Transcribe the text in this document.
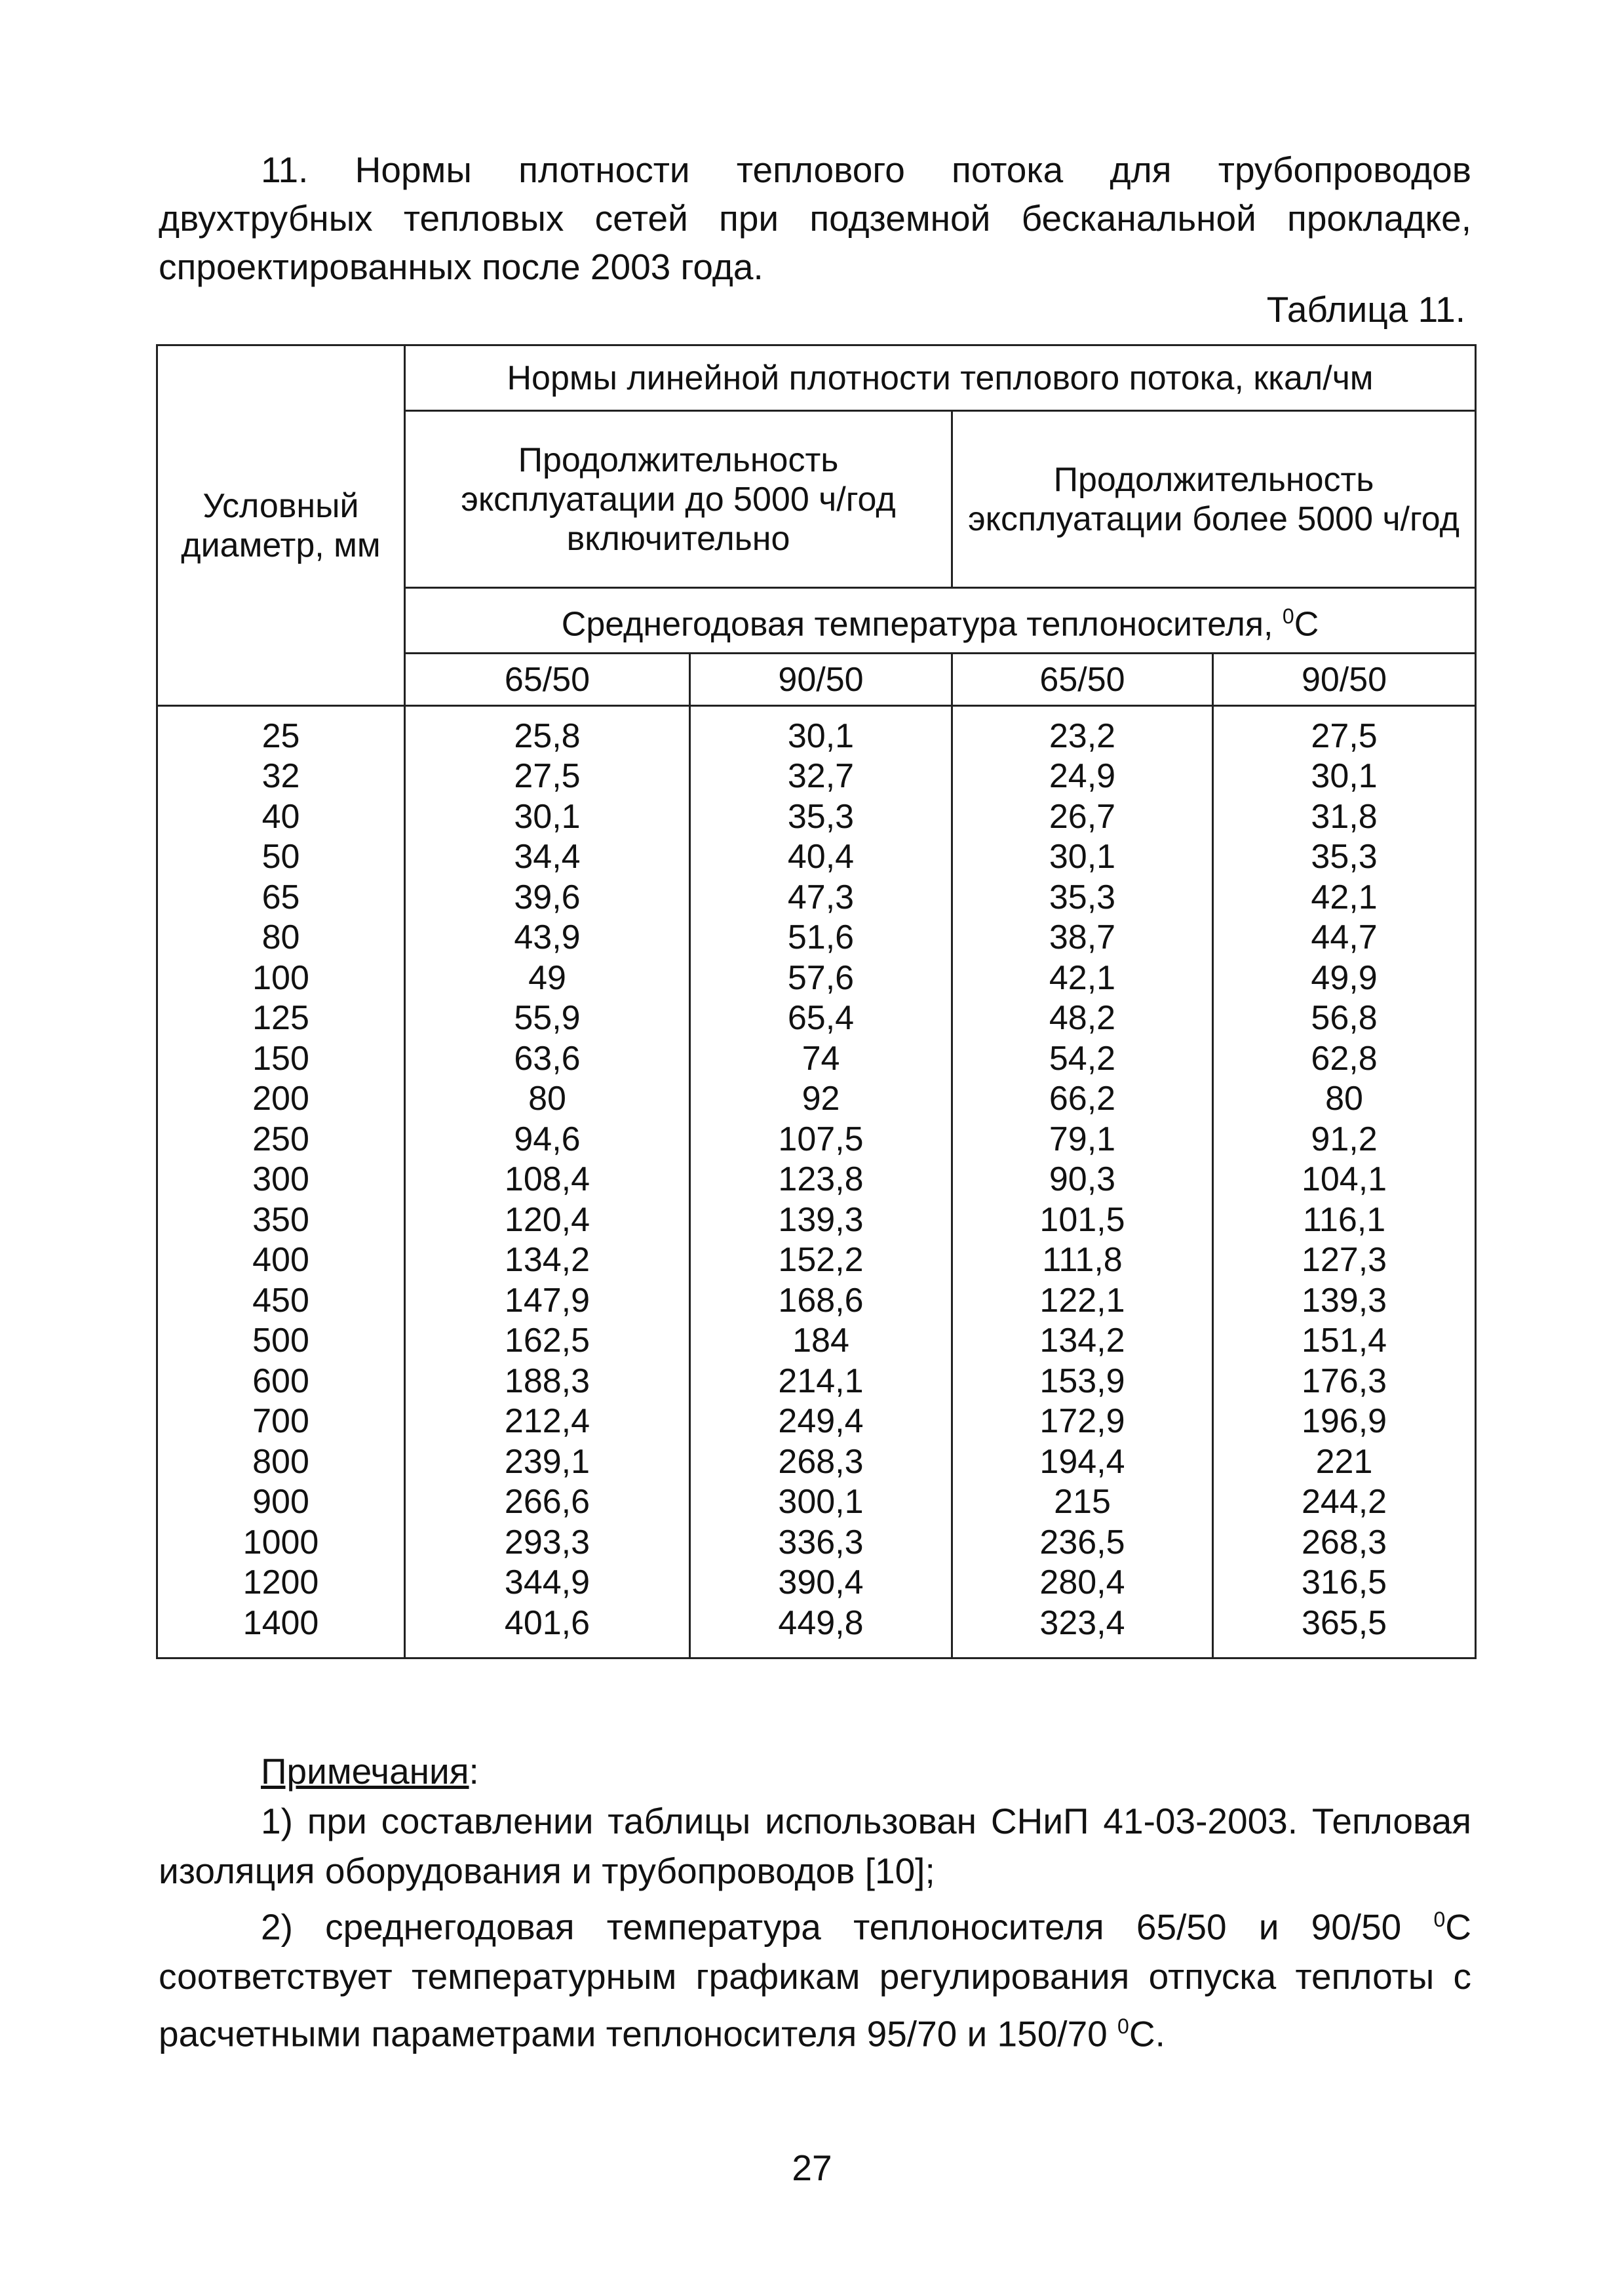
11. Нормы плотности теплового потока для трубопроводов двухтрубных тепловых сетей при подземной бесканальной прокладке, спроектированных после 2003 года.

Таблица 11.

Условный диаметр, мм	Нормы линейной плотности теплового потока, ккал/чм			
	Продолжительность эксплуатации до 5000 ч/год включительно		Продолжительность эксплуатации более 5000 ч/год	
	Среднегодовая температура теплоносителя, $^0$С			
	65/50	90/50	65/50	90/50
25	25,8	30,1	23,2	27,5
32	27,5	32,7	24,9	30,1
40	30,1	35,3	26,7	31,8
50	34,4	40,4	30,1	35,3
65	39,6	47,3	35,3	42,1
80	43,9	51,6	38,7	44,7
100	49	57,6	42,1	49,9
125	55,9	65,4	48,2	56,8
150	63,6	74	54,2	62,8
200	80	92	66,2	80
250	94,6	107,5	79,1	91,2
300	108,4	123,8	90,3	104,1
350	120,4	139,3	101,5	116,1
400	134,2	152,2	111,8	127,3
450	147,9	168,6	122,1	139,3
500	162,5	184	134,2	151,4
600	188,3	214,1	153,9	176,3
700	212,4	249,4	172,9	196,9
800	239,1	268,3	194,4	221
900	266,6	300,1	215	244,2
1000	293,3	336,3	236,5	268,3
1200	344,9	390,4	280,4	316,5
1400	401,6	449,8	323,4	365,5

Примечания:

1) при составлении таблицы использован СНиП 41-03-2003. Тепловая изоляция оборудования и трубопроводов [10];

2) среднегодовая температура теплоносителя 65/50 и 90/50 $^0$С соответствует температурным графикам регулирования отпуска теплоты с расчетными параметрами теплоносителя 95/70 и 150/70 $^0$С.

27
